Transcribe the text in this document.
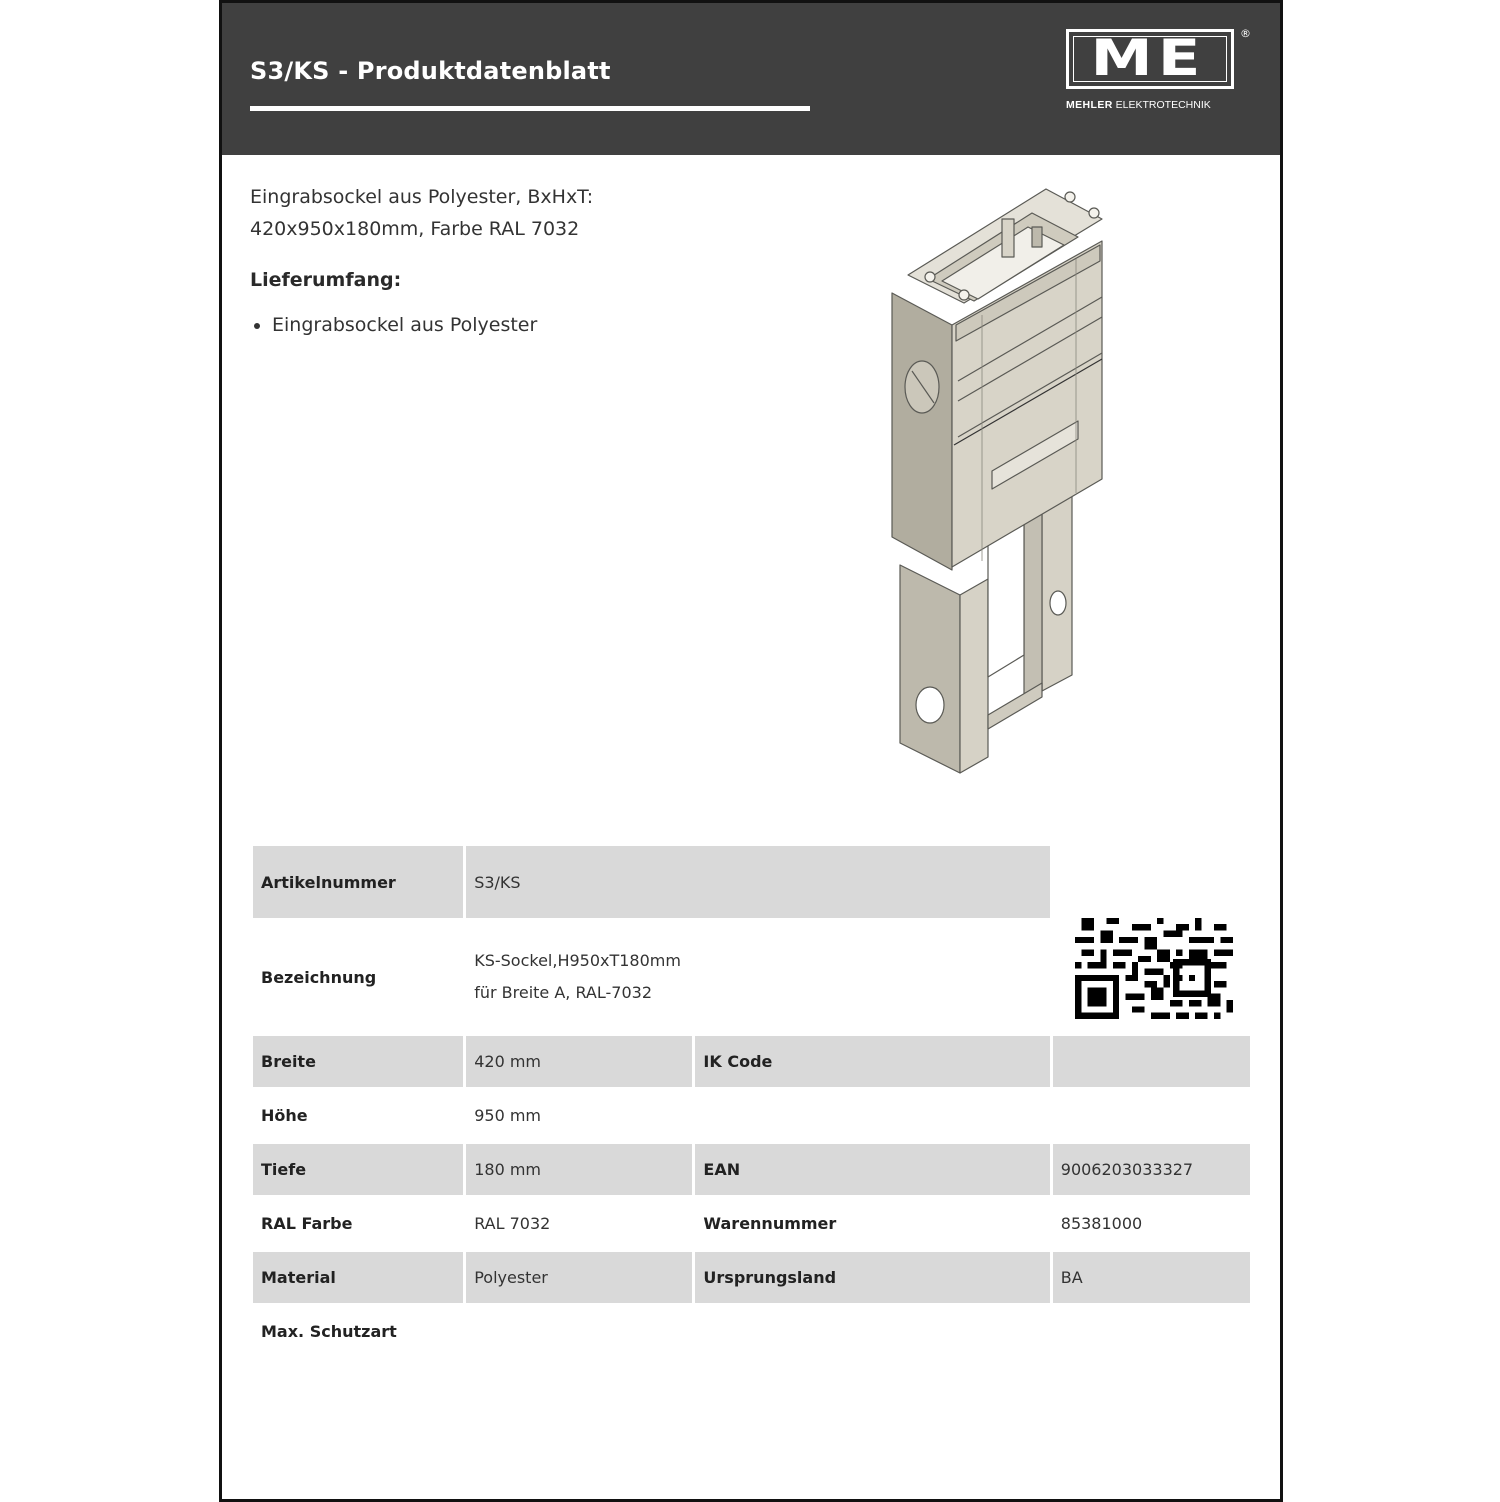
S3/KS - Produktdatenblatt	ME	®
MEHLER ELEKTROTECHNIK
Eingrabsockel aus Polyester, BxHxT:
420x950x180mm, Farbe RAL 7032
Lieferumfang:
• Eingrabsockel aus Polyester
Artikelnummer	S3/KS		
Bezeichnung	KS-Sockel,H950xT180mm
für Breite A, RAL-7032		

Breite	420 mm	IK Code	
Höhe	950 mm		
Tiefe	180 mm	EAN	9006203033327
RAL Farbe	RAL 7032	Warennummer	85381000
Material	Polyester	Ursprungsland	BA
Max. Schutzart			
